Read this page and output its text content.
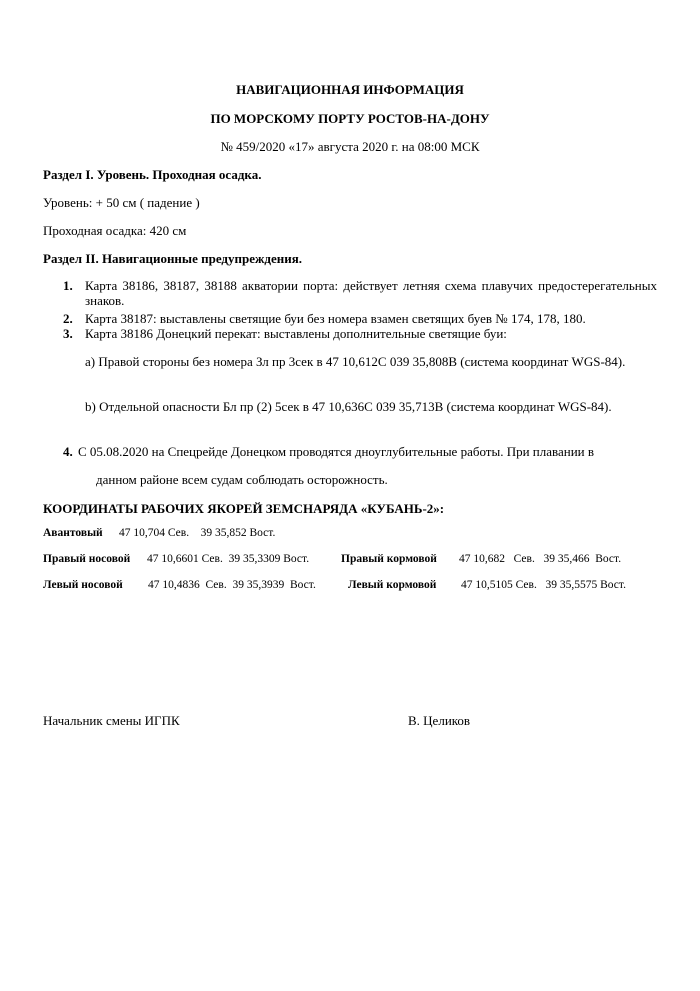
НАВИГАЦИОННАЯ ИНФОРМАЦИЯ
ПО МОРСКОМУ ПОРТУ РОСТОВ-НА-ДОНУ
№ 459/2020 «17» августа 2020 г. на 08:00 МСК
Раздел I. Уровень. Проходная осадка.
Уровень: + 50 см ( падение )
Проходная осадка: 420 см
Раздел II. Навигационные предупреждения.
1. Карта 38186, 38187, 38188 акватории порта: действует летняя схема плавучих предостерегательных знаков.
2. Карта 38187: выставлены светящие буи без номера взамен светящих буев № 174, 178, 180.
3. Карта 38186 Донецкий перекат: выставлены дополнительные светящие буи:
a) Правой стороны без номера Зл пр 3сек в 47 10,612С 039 35,808В (система координат WGS-84).
b) Отдельной опасности Бл пр (2) 5сек в 47 10,636С 039 35,713В (система координат WGS-84).
4. С 05.08.2020 на Спецрейде Донецком проводятся дноуглубительные работы. При плавании в
данном районе всем судам соблюдать осторожность.
КООРДИНАТЫ РАБОЧИХ ЯКОРЕЙ ЗЕМСНАРЯДА «КУБАНЬ-2»:
Авантовый 47 10,704 Сев.    39 35,852 Вост.
Правый носовой 47 10,6601 Сев.  39 35,3309 Вост.	Правый кормовой 47 10,682   Сев.   39 35,466  Вост.
Левый носовой 47 10,4836  Сев.  39 35,3939  Вост.	Левый кормовой 47 10,5105 Сев.   39 35,5575 Вост.
Начальник смены ИГПК	В. Целиков
